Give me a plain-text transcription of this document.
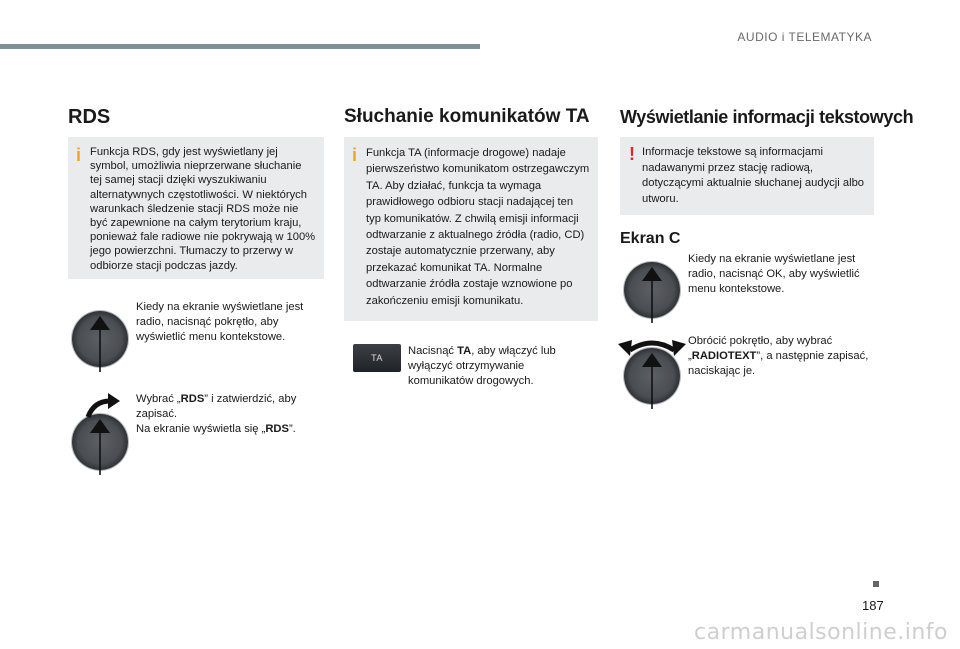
AUDIO i TELEMATYKA
RDS
i Funkcja RDS, gdy jest wyświetlany jej symbol, umożliwia nieprzerwane słuchanie tej samej stacji dzięki wyszukiwaniu alternatywnych częstotliwości. W niektórych warunkach śledzenie stacji RDS może nie być zapewnione na całym terytorium kraju, ponieważ fale radiowe nie pokrywają w 100% jego powierzchni. Tłumaczy to przerwy w odbiorze stacji podczas jazdy.
Kiedy na ekranie wyświetlane jest radio, nacisnąć pokrętło, aby wyświetlić menu kontekstowe.
Wybrać „RDS” i zatwierdzić, aby zapisać.
Na ekranie wyświetla się „RDS”.
Słuchanie komunikatów TA
i Funkcja TA (informacje drogowe) nadaje pierwszeństwo komunikatom ostrzegawczym TA. Aby działać, funkcja ta wymaga prawidłowego odbioru stacji nadającej ten typ komunikatów. Z chwilą emisji informacji odtwarzanie z aktualnego źródła (radio, CD) zostaje automatycznie przerwany, aby przekazać komunikat TA. Normalne odtwarzanie źródła zostaje wznowione po zakończeniu emisji komunikatu.
TA
Nacisnąć TA, aby włączyć lub wyłączyć otrzymywanie komunikatów drogowych.
Wyświetlanie informacji tekstowych
! Informacje tekstowe są informacjami nadawanymi przez stację radiową, dotyczącymi aktualnie słuchanej audycji albo utworu.
Ekran C
Kiedy na ekranie wyświetlane jest radio, nacisnąć OK, aby wyświetlić menu kontekstowe.
Obrócić pokrętło, aby wybrać „RADIOTEXT”, a następnie zapisać, naciskając je.
187
carmanualsonline.info
